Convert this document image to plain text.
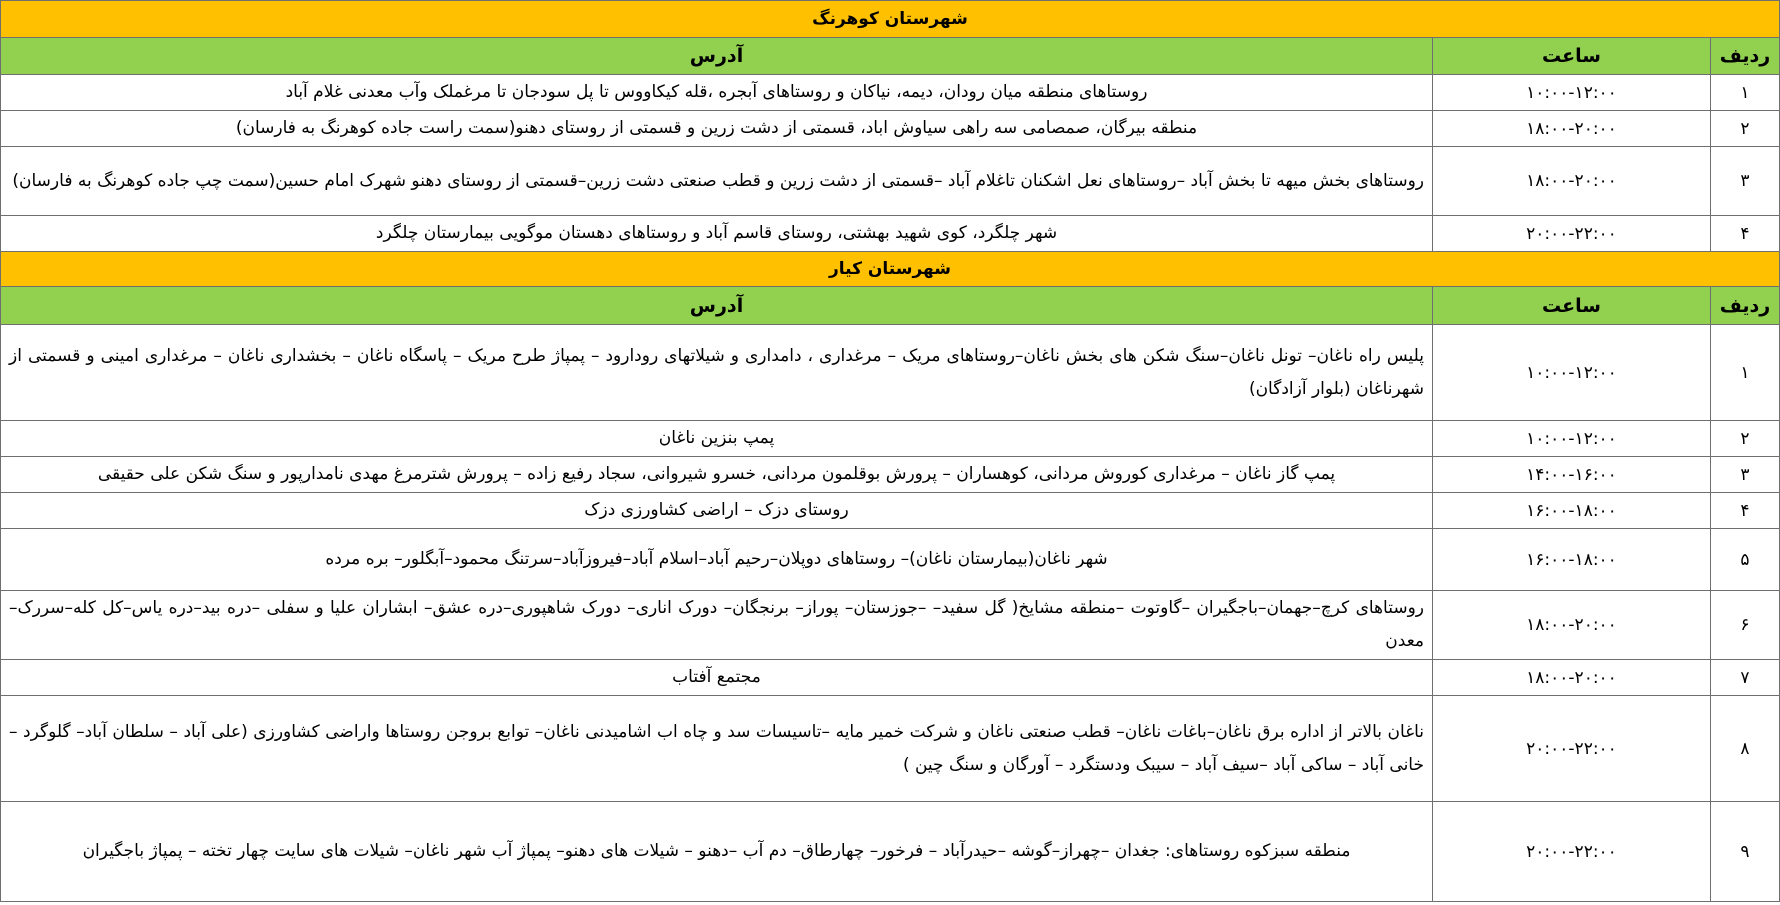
شهرستان کوهرنگ		
ردیف	ساعت	آدرس
۱	۱۰:۰۰-۱۲:۰۰	روستاهای منطقه میان رودان، دیمه، نیاکان و روستاهای آبجره ،قله کیکاووس تا پل سودجان تا مرغملک وآب معدنی غلام آباد
۲	۱۸:۰۰-۲۰:۰۰	منطقه بیرگان، صمصامی سه راهی سیاوش اباد، قسمتی از دشت زرین و قسمتی از روستای دهنو(سمت راست جاده کوهرنگ به فارسان)
۳	۱۸:۰۰-۲۰:۰۰	روستاهای بخش میهه تا بخش آباد –روستاهای نعل اشکنان تاغلام آباد –قسمتی از دشت زرین و قطب صنعتی دشت زرین–قسمتی از روستای دهنو شهرک امام حسین(سمت چپ جاده کوهرنگ به فارسان)
۴	۲۰:۰۰-۲۲:۰۰	شهر چلگرد، کوی شهید بهشتی، روستای قاسم آباد و روستاهای دهستان موگویی بیمارستان چلگرد
شهرستان کیار		
ردیف	ساعت	آدرس
۱	۱۰:۰۰-۱۲:۰۰	پلیس راه ناغان– تونل ناغان–سنگ شکن های بخش ناغان–روستاهای مریک – مرغداری ، دامداری و شیلاتهای رودارود – پمپاژ طرح مریک – پاسگاه ناغان – بخشداری ناغان – مرغداری امینی و قسمتی از شهرناغان (بلوار آزادگان)
۲	۱۰:۰۰-۱۲:۰۰	پمپ بنزین ناغان
۳	۱۴:۰۰-۱۶:۰۰	پمپ گاز ناغان – مرغداری کوروش مردانی، کوهساران – پرورش بوقلمون مردانی، خسرو شیروانی، سجاد رفیع زاده – پرورش شترمرغ مهدی نامدارپور و سنگ شکن علی حقیقی
۴	۱۶:۰۰-۱۸:۰۰	روستای دزک – اراضی کشاورزی دزک
۵	۱۶:۰۰-۱۸:۰۰	شهر ناغان(بیمارستان ناغان)– روستاهای دوپلان–رحیم آباد–اسلام آباد–فیروزآباد–سرتنگ محمود–آبگلور– بره مرده
۶	۱۸:۰۰-۲۰:۰۰	روستاهای کرچ–جهمان–باجگیران –گاوتوت –منطقه مشایخ( گل سفید– –جوزستان– پوراز– برنجگان– دورک اناری– دورک شاهپوری–دره عشق– ابشاران علیا و سفلی –دره بید–دره یاس–کل کله–سررک–معدن
۷	۱۸:۰۰-۲۰:۰۰	مجتمع آفتاب
۸	۲۰:۰۰-۲۲:۰۰	ناغان بالاتر از اداره برق ناغان–باغات ناغان– قطب صنعتی ناغان و شرکت خمیر مایه –تاسیسات سد و چاه اب اشامیدنی ناغان– توابع بروجن روستاها واراضی کشاورزی (علی آباد – سلطان آباد– گلوگرد –خانی آباد – ساکی آباد –سیف آباد – سیبک ودستگرد – آورگان و سنگ چین )
۹	۲۰:۰۰-۲۲:۰۰	منطقه سبزکوه روستاهای: جغدان –چهراز–گوشه –حیدرآباد – فرخور– چهارطاق– دم آب –دهنو – شیلات های دهنو– پمپاژ آب شهر ناغان– شیلات های سایت چهار تخته – پمپاژ باجگیران
